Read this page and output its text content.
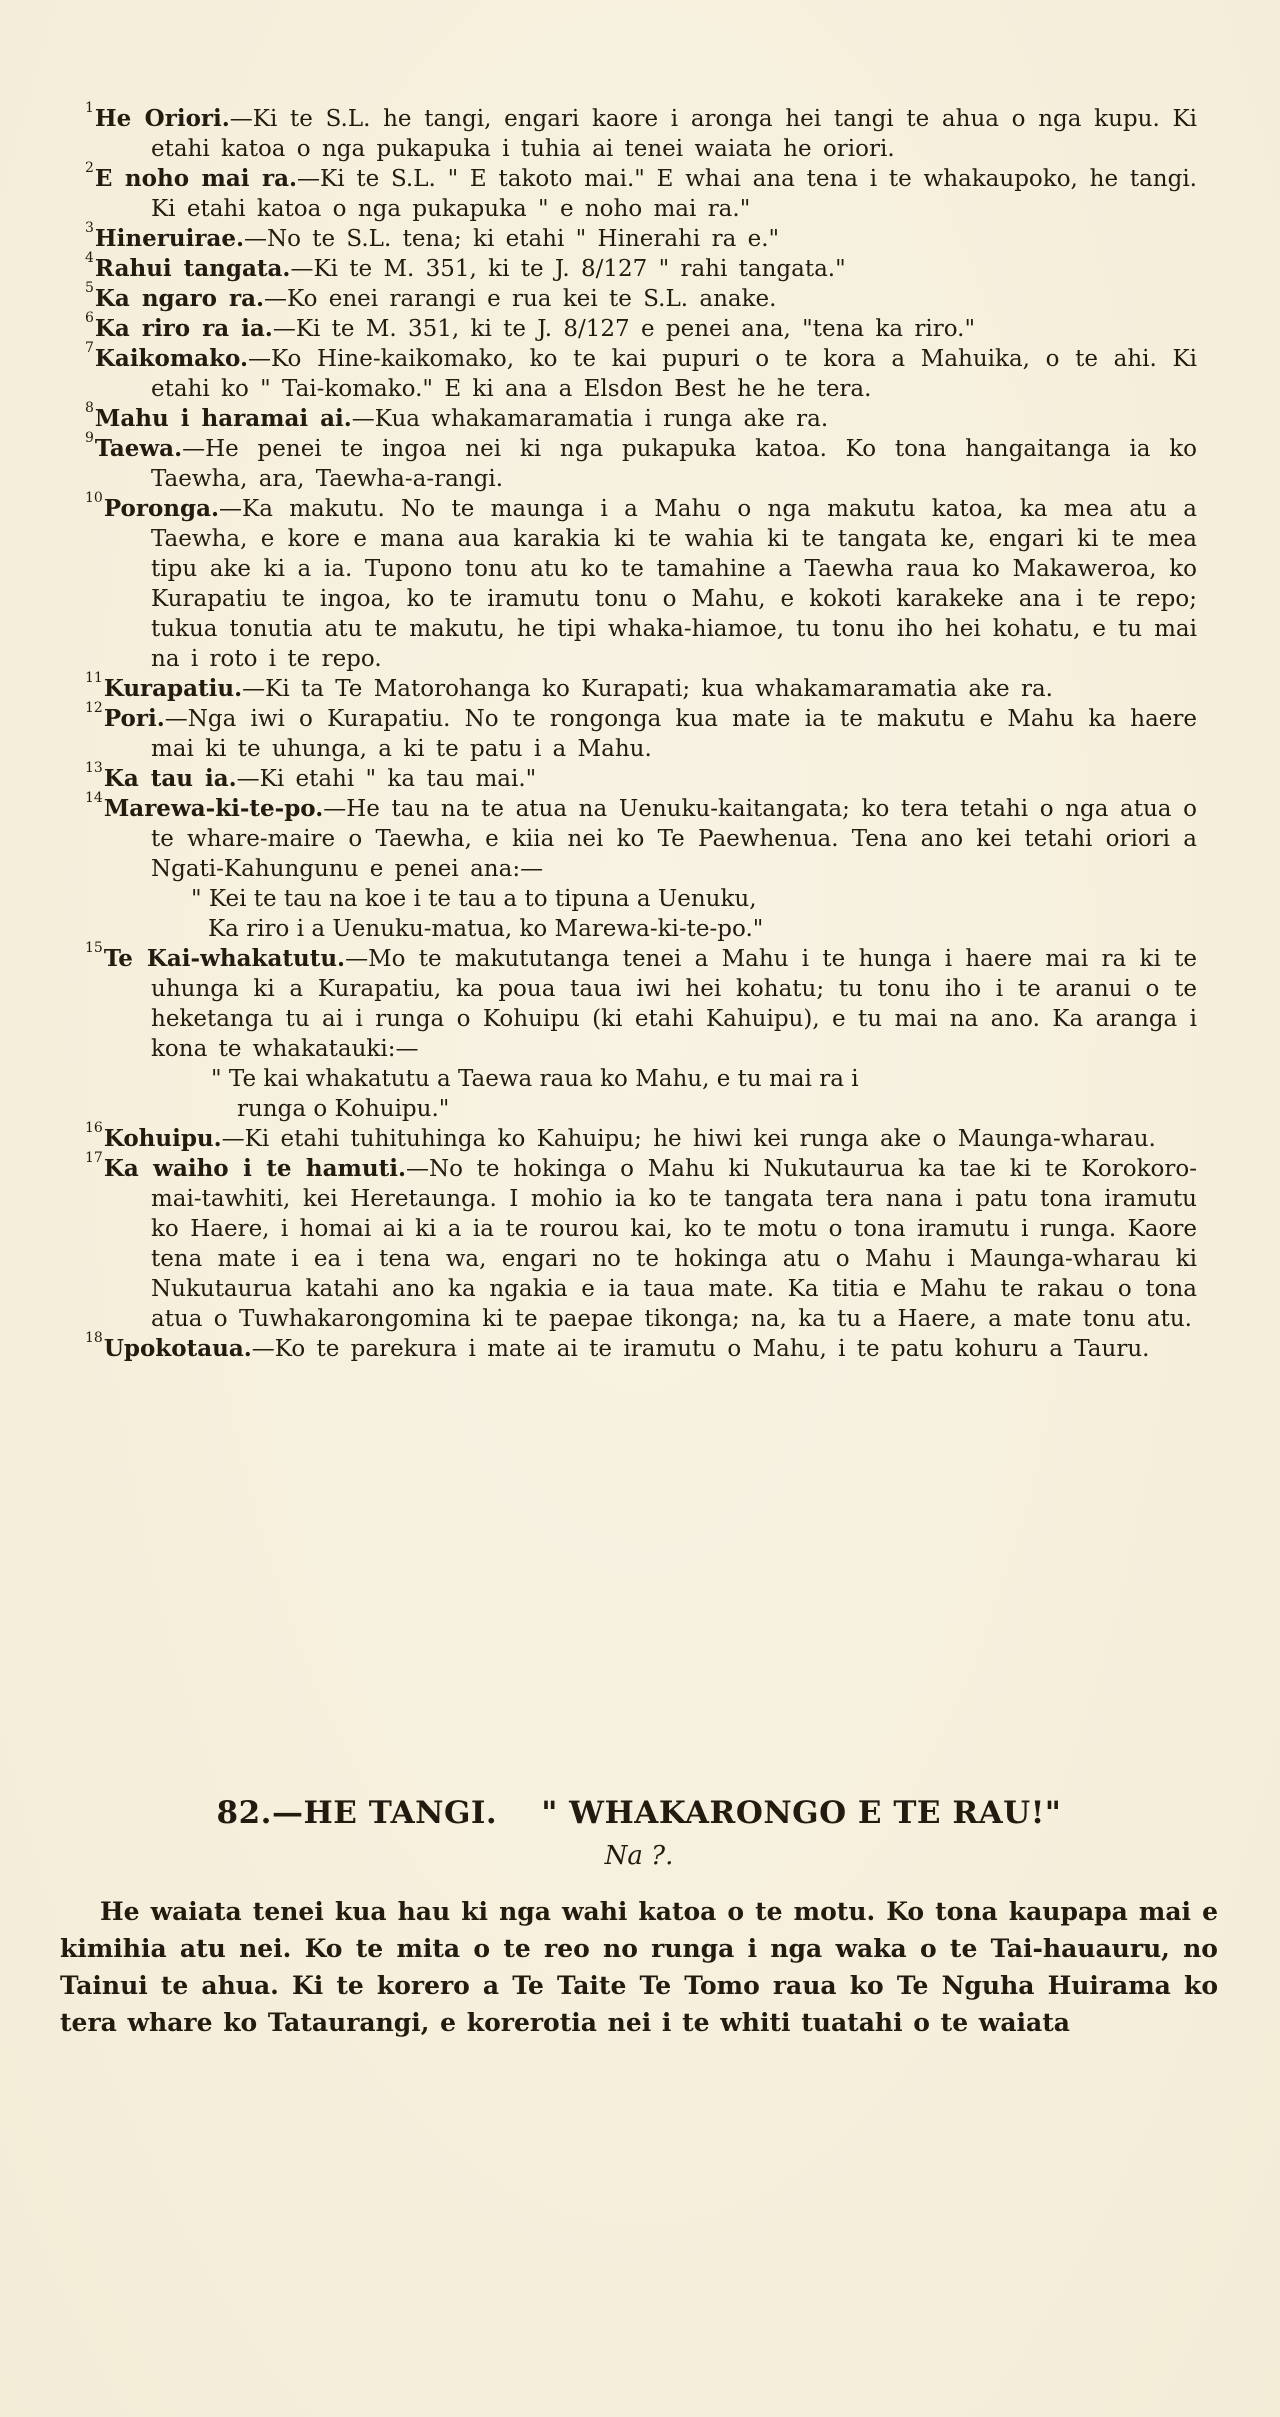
$^1$He Oriori.—Ki te S.L. he tangi, engari kaore i aronga hei tangi te ahua o nga kupu. Ki etahi katoa o nga pukapuka i tuhia ai tenei waiata he oriori.
$^2$E noho mai ra.—Ki te S.L. " E takoto mai." E whai ana tena i te whakaupoko, he tangi. Ki etahi katoa o nga pukapuka " e noho mai ra."
$^3$Hineruirae.—No te S.L. tena; ki etahi " Hinerahi ra e."
$^4$Rahui tangata.—Ki te M. 351, ki te J. 8/127 " rahi tangata."
$^5$Ka ngaro ra.—Ko enei rarangi e rua kei te S.L. anake.
$^6$Ka riro ra ia.—Ki te M. 351, ki te J. 8/127 e penei ana, "tena ka riro."
$^7$Kaikomako.—Ko Hine-kaikomako, ko te kai pupuri o te kora a Mahuika, o te ahi. Ki etahi ko " Tai-komako." E ki ana a Elsdon Best he he tera.
$^8$Mahu i haramai ai.—Kua whakamaramatia i runga ake ra.
$^9$Taewa.—He penei te ingoa nei ki nga pukapuka katoa. Ko tona hangaitanga ia ko Taewha, ara, Taewha-a-rangi.
$^{10}$Poronga.—Ka makutu. No te maunga i a Mahu o nga makutu katoa, ka mea atu a Taewha, e kore e mana aua karakia ki te wahia ki te tangata ke, engari ki te mea tipu ake ki a ia. Tupono tonu atu ko te tamahine a Taewha raua ko Makaweroa, ko Kurapatiu te ingoa, ko te iramutu tonu o Mahu, e kokoti karakeke ana i te repo; tukua tonutia atu te makutu, he tipi whaka-hiamoe, tu tonu iho hei kohatu, e tu mai na i roto i te repo.
$^{11}$Kurapatiu.—Ki ta Te Matorohanga ko Kurapati; kua whakamaramatia ake ra.
$^{12}$Pori.—Nga iwi o Kurapatiu. No te rongonga kua mate ia te makutu e Mahu ka haere mai ki te uhunga, a ki te patu i a Mahu.
$^{13}$Ka tau ia.—Ki etahi " ka tau mai."
$^{14}$Marewa-ki-te-po.—He tau na te atua na Uenuku-kaitangata; ko tera tetahi o nga atua o te whare-maire o Taewha, e kiia nei ko Te Paewhenua. Tena ano kei tetahi oriori a Ngati-Kahungunu e penei ana:—
" Kei te tau na koe i te tau a to tipuna a Uenuku,
Ka riro i a Uenuku-matua, ko Marewa-ki-te-po."
$^{15}$Te Kai-whakatutu.—Mo te makututanga tenei a Mahu i te hunga i haere mai ra ki te uhunga ki a Kurapatiu, ka poua taua iwi hei kohatu; tu tonu iho i te aranui o te heketanga tu ai i runga o Kohuipu (ki etahi Kahuipu), e tu mai na ano. Ka aranga i kona te whakatauki:—
" Te kai whakatutu a Taewa raua ko Mahu, e tu mai ra i
runga o Kohuipu."
$^{16}$Kohuipu.—Ki etahi tuhituhinga ko Kahuipu; he hiwi kei runga ake o Maunga-wharau.
$^{17}$Ka waiho i te hamuti.—No te hokinga o Mahu ki Nukutaurua ka tae ki te Korokoro-mai-tawhiti, kei Heretaunga. I mohio ia ko te tangata tera nana i patu tona iramutu ko Haere, i homai ai ki a ia te rourou kai, ko te motu o tona iramutu i runga. Kaore tena mate i ea i tena wa, engari no te hokinga atu o Mahu i Maunga-wharau ki Nukutaurua katahi ano ka ngakia e ia taua mate. Ka titia e Mahu te rakau o tona atua o Tuwhakarongomina ki te paepae tikonga; na, ka tu a Haere, a mate tonu atu.
$^{18}$Upokotaua.—Ko te parekura i mate ai te iramutu o Mahu, i te patu kohuru a Tauru.
82.—HE TANGI. " WHAKARONGO E TE RAU!"
Na ?.

He waiata tenei kua hau ki nga wahi katoa o te motu. Ko tona kaupapa mai e kimihia atu nei. Ko te mita o te reo no runga i nga waka o te Tai-hauauru, no Tainui te ahua. Ki te korero a Te Taite Te Tomo raua ko Te Nguha Huirama ko tera whare ko Tataurangi, e korerotia nei i te whiti tuatahi o te waiata
